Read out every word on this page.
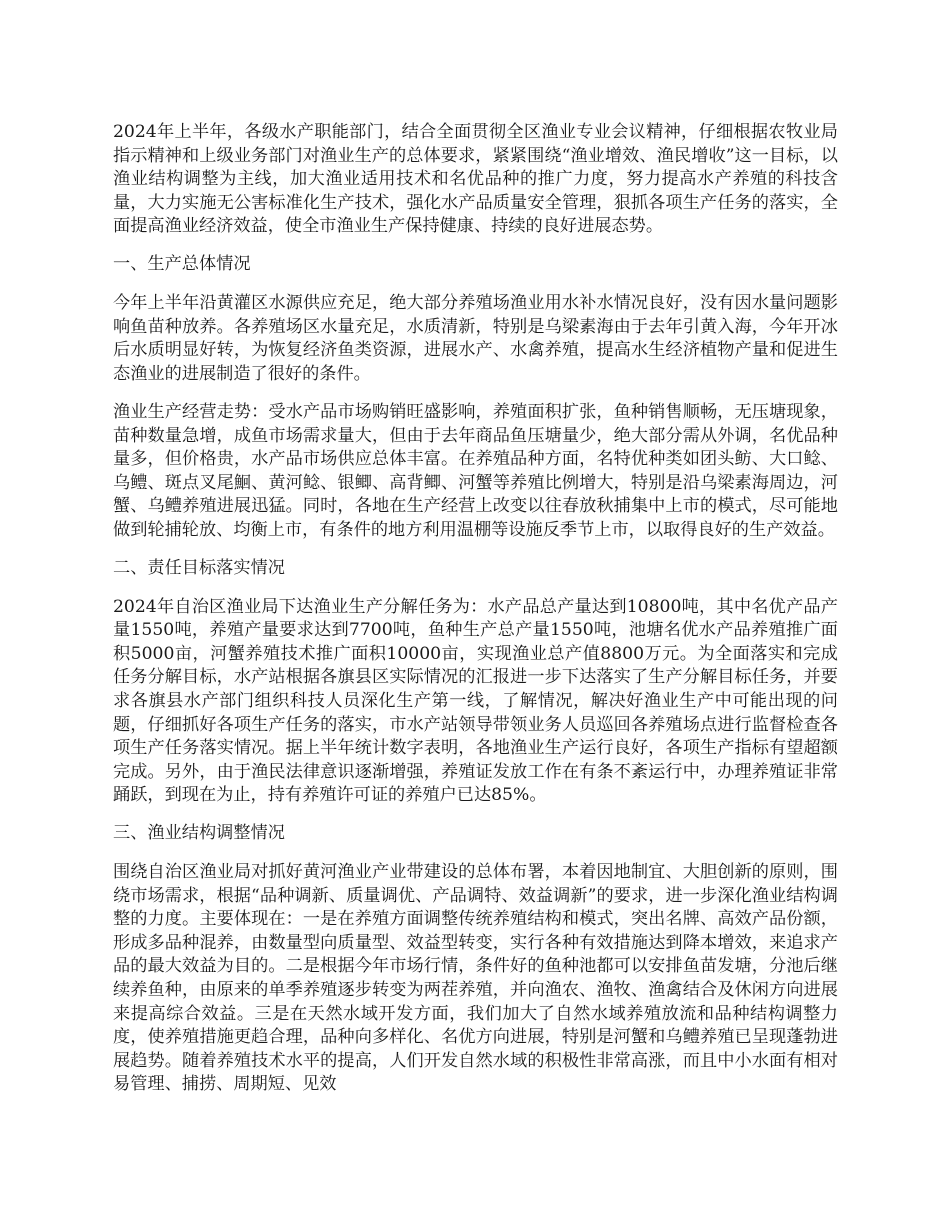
2024年上半年，各级水产职能部门，结合全面贯彻全区渔业专业会议精神，仔细根据农牧业局指示精神和上级业务部门对渔业生产的总体要求，紧紧围绕“渔业增效、渔民增收”这一目标，以渔业结构调整为主线，加大渔业适用技术和名优品种的推广力度，努力提高水产养殖的科技含量，大力实施无公害标准化生产技术，强化水产品质量安全管理，狠抓各项生产任务的落实，全面提高渔业经济效益，使全市渔业生产保持健康、持续的良好进展态势。

一、生产总体情况

今年上半年沿黄灌区水源供应充足，绝大部分养殖场渔业用水补水情况良好，没有因水量问题影响鱼苗种放养。各养殖场区水量充足，水质清新，特别是乌梁素海由于去年引黄入海，今年开冰后水质明显好转，为恢复经济鱼类资源，进展水产、水禽养殖，提高水生经济植物产量和促进生态渔业的进展制造了很好的条件。

渔业生产经营走势：受水产品市场购销旺盛影响，养殖面积扩张，鱼种销售顺畅，无压塘现象，苗种数量急增，成鱼市场需求量大，但由于去年商品鱼压塘量少，绝大部分需从外调，名优品种量多，但价格贵，水产品市场供应总体丰富。在养殖品种方面，名特优种类如团头鲂、大口鲶、乌鳢、斑点叉尾鮰、黄河鲶、银鲫、高背鲫、河蟹等养殖比例增大，特别是沿乌梁素海周边，河蟹、乌鳢养殖进展迅猛。同时，各地在生产经营上改变以往春放秋捕集中上市的模式，尽可能地做到轮捕轮放、均衡上市，有条件的地方利用温棚等设施反季节上市，以取得良好的生产效益。

二、责任目标落实情况

2024年自治区渔业局下达渔业生产分解任务为：水产品总产量达到10800吨，其中名优产品产量1550吨，养殖产量要求达到7700吨，鱼种生产总产量1550吨，池塘名优水产品养殖推广面积5000亩，河蟹养殖技术推广面积10000亩，实现渔业总产值8800万元。为全面落实和完成任务分解目标，水产站根据各旗县区实际情况的汇报进一步下达落实了生产分解目标任务，并要求各旗县水产部门组织科技人员深化生产第一线，了解情况，解决好渔业生产中可能出现的问题，仔细抓好各项生产任务的落实，市水产站领导带领业务人员巡回各养殖场点进行监督检查各项生产任务落实情况。据上半年统计数字表明，各地渔业生产运行良好，各项生产指标有望超额完成。另外，由于渔民法律意识逐渐增强，养殖证发放工作在有条不紊运行中，办理养殖证非常踊跃，到现在为止，持有养殖许可证的养殖户已达85%。

三、渔业结构调整情况

围绕自治区渔业局对抓好黄河渔业产业带建设的总体布署，本着因地制宜、大胆创新的原则，围绕市场需求，根据“品种调新、质量调优、产品调特、效益调新”的要求，进一步深化渔业结构调整的力度。主要体现在：一是在养殖方面调整传统养殖结构和模式，突出名牌、高效产品份额，形成多品种混养，由数量型向质量型、效益型转变，实行各种有效措施达到降本增效，来追求产品的最大效益为目的。二是根据今年市场行情，条件好的鱼种池都可以安排鱼苗发塘，分池后继续养鱼种，由原来的单季养殖逐步转变为两茬养殖，并向渔农、渔牧、渔禽结合及休闲方向进展来提高综合效益。三是在天然水域开发方面，我们加大了自然水域养殖放流和品种结构调整力度，使养殖措施更趋合理，品种向多样化、名优方向进展，特别是河蟹和乌鳢养殖已呈现蓬勃进展趋势。随着养殖技术水平的提高，人们开发自然水域的积极性非常高涨，而且中小水面有相对易管理、捕捞、周期短、见效
